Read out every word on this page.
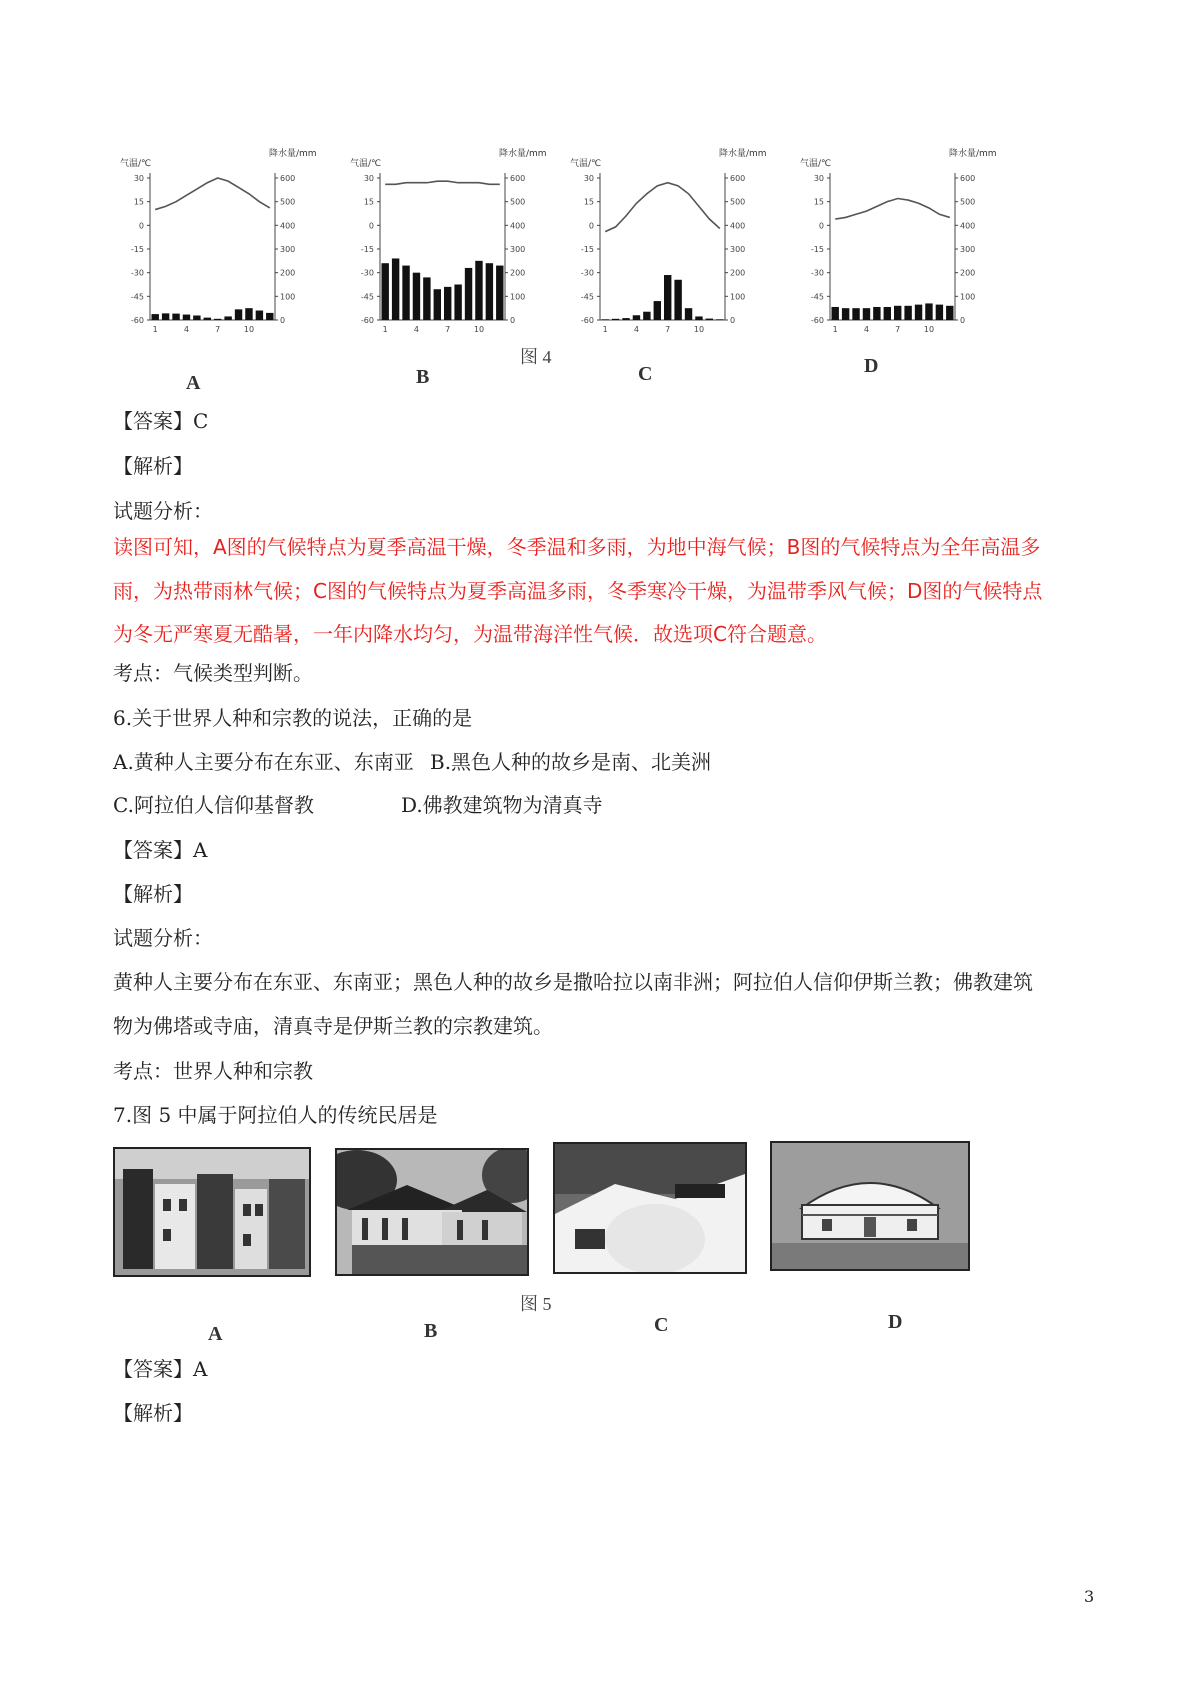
气温/℃
降水量/mm
-60
-45
-30
-15
0
15
30
0
100
200
300
400
500
600
1	4	7	10
气温/℃
降水量/mm
-60
-45
-30
-15
0
15
30
0
100
200
300
400
500
600
1	4	7	10
气温/℃
降水量/mm
-60
-45
-30
-15
0
15
30
0
100
200
300
400
500
600
1	4	7	10
气温/℃
降水量/mm
-60
-45
-30
-15
0
15
30
0
100
200
300
400
500
600
1	4	7	10
图 4
A	B	C	D
【答案】C
【解析】
试题分析：
读图可知，A图的气候特点为夏季高温干燥，冬季温和多雨，为地中海气候；B图的气候特点为全年高温多
雨，为热带雨林气候；C图的气候特点为夏季高温多雨，冬季寒冷干燥，为温带季风气候；D图的气候特点
为冬无严寒夏无酷暑，一年内降水均匀，为温带海洋性气候．故选项C符合题意。
考点：气候类型判断。
6.关于世界人种和宗教的说法，正确的是
A.黄种人主要分布在东亚、东南亚 B.黑色人种的故乡是南、北美洲
C.阿拉伯人信仰基督教	D.佛教建筑物为清真寺
【答案】A
【解析】
试题分析：
黄种人主要分布在东亚、东南亚；黑色人种的故乡是撒哈拉以南非洲；阿拉伯人信仰伊斯兰教；佛教建筑
物为佛塔或寺庙，清真寺是伊斯兰教的宗教建筑。
考点：世界人种和宗教
7.图 5 中属于阿拉伯人的传统民居是
图 5
A	B	C	D
【答案】A
【解析】
3
